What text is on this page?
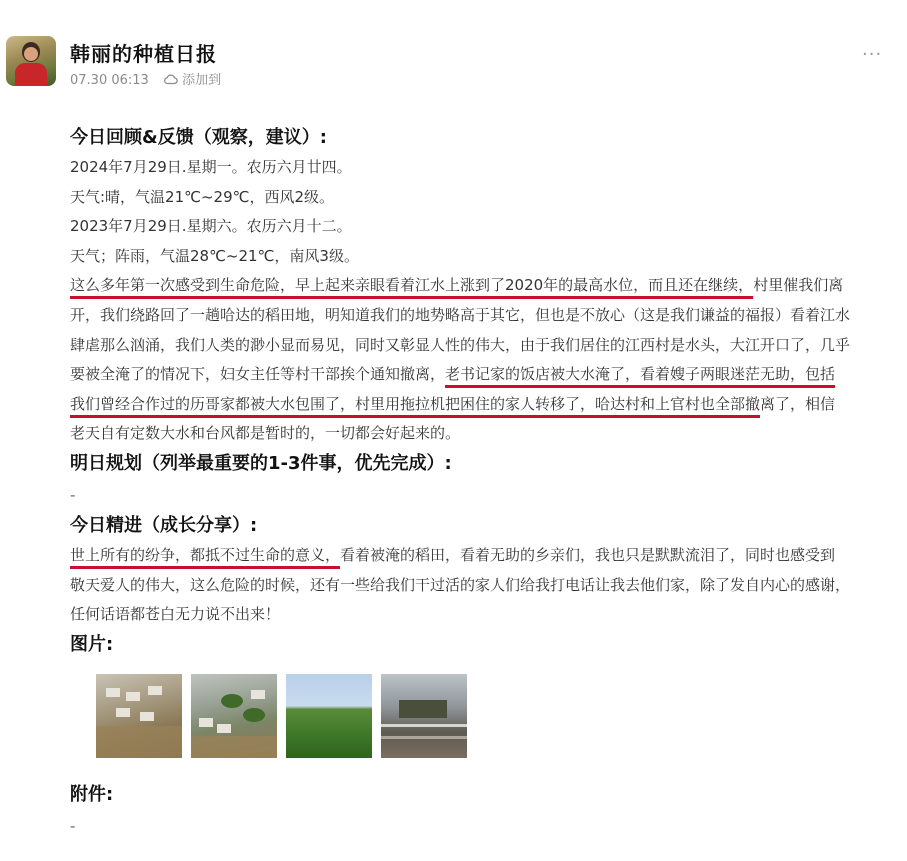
韩丽的种植日报
07.30 06:13	添加到
···
今日回顾&反馈（观察，建议）:
2024年7月29日.星期一。农历六月廿四。
天气:晴，气温21℃~29℃，西风2级。
2023年7月29日.星期六。农历六月十二。
天气；阵雨，气温28℃~21℃，南风3级。
这么多年第一次感受到生命危险，早上起来亲眼看着江水上涨到了2020年的最高水位，而且还在继续，村里催我们离开，我们绕路回了一趟哈达的稻田地，明知道我们的地势略高于其它，但也是不放心（这是我们谦益的福报）看着江水肆虐那么汹涌，我们人类的渺小显而易见，同时又彰显人性的伟大，由于我们居住的江西村是水头，大江开口了，几乎要被全淹了的情况下，妇女主任等村干部挨个通知撤离，老书记家的饭店被大水淹了，看着嫂子两眼迷茫无助，包括我们曾经合作过的历哥家都被大水包围了，村里用拖拉机把困住的家人转移了，哈达村和上官村也全部撤离了，相信老天自有定数大水和台风都是暂时的，一切都会好起来的。
明日规划（列举最重要的1-3件事，优先完成）:
-
今日精进（成长分享）:
世上所有的纷争，都抵不过生命的意义，看着被淹的稻田，看着无助的乡亲们，我也只是默默流泪了，同时也感受到敬天爱人的伟大，这么危险的时候，还有一些给我们干过活的家人们给我打电话让我去他们家，除了发自内心的感谢，任何话语都苍白无力说不出来！
图片:
附件:
-
